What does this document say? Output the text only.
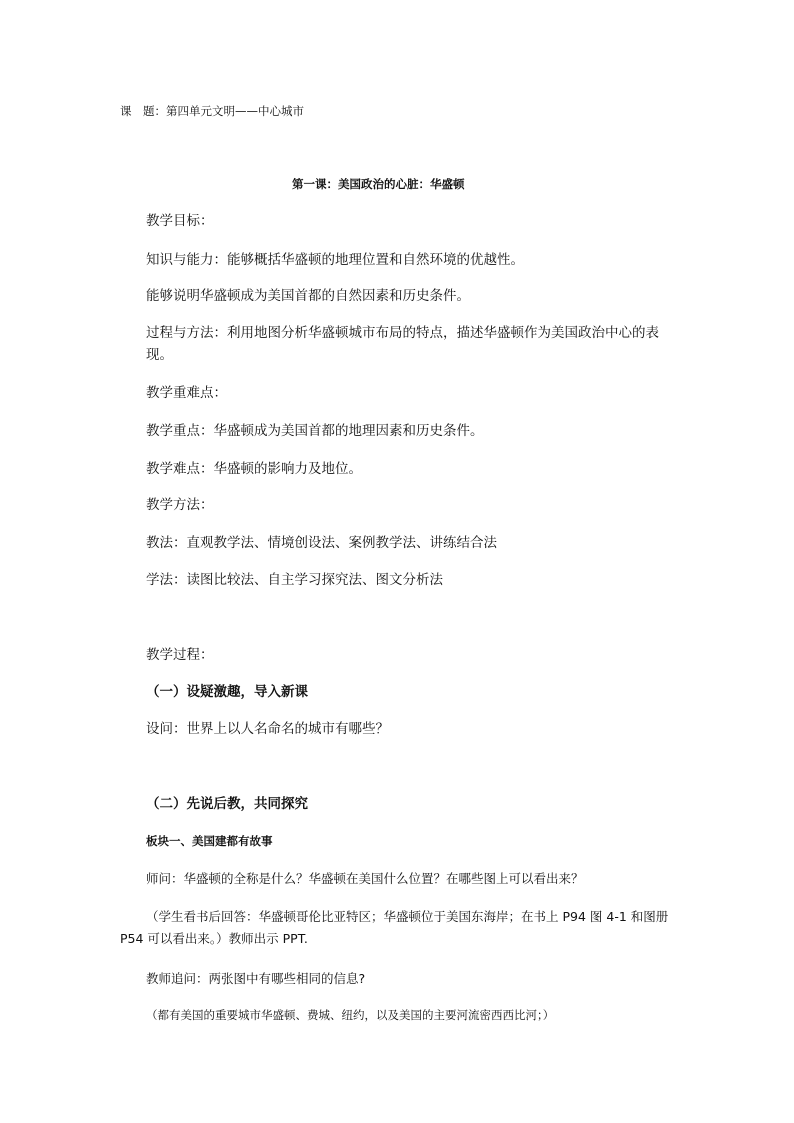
课　题：第四单元文明——中心城市
第一课：美国政治的心脏：华盛顿
教学目标：
知识与能力：能够概括华盛顿的地理位置和自然环境的优越性。
能够说明华盛顿成为美国首都的自然因素和历史条件。
过程与方法：利用地图分析华盛顿城市布局的特点，描述华盛顿作为美国政治中心的表现。
教学重难点：
教学重点：华盛顿成为美国首都的地理因素和历史条件。
教学难点：华盛顿的影响力及地位。
教学方法：
教法：直观教学法、情境创设法、案例教学法、讲练结合法
学法：读图比较法、自主学习探究法、图文分析法
教学过程：
（一）设疑激趣，导入新课
设问：世界上以人名命名的城市有哪些？
（二）先说后教，共同探究
板块一、美国建都有故事
师问：华盛顿的全称是什么？华盛顿在美国什么位置？在哪些图上可以看出来？
（学生看书后回答：华盛顿哥伦比亚特区；华盛顿位于美国东海岸；在书上 P94 图 4-1 和图册 P54 可以看出来。）教师出示 PPT.
教师追问：两张图中有哪些相同的信息?
（都有美国的重要城市华盛顿、费城、纽约，以及美国的主要河流密西西比河；）
